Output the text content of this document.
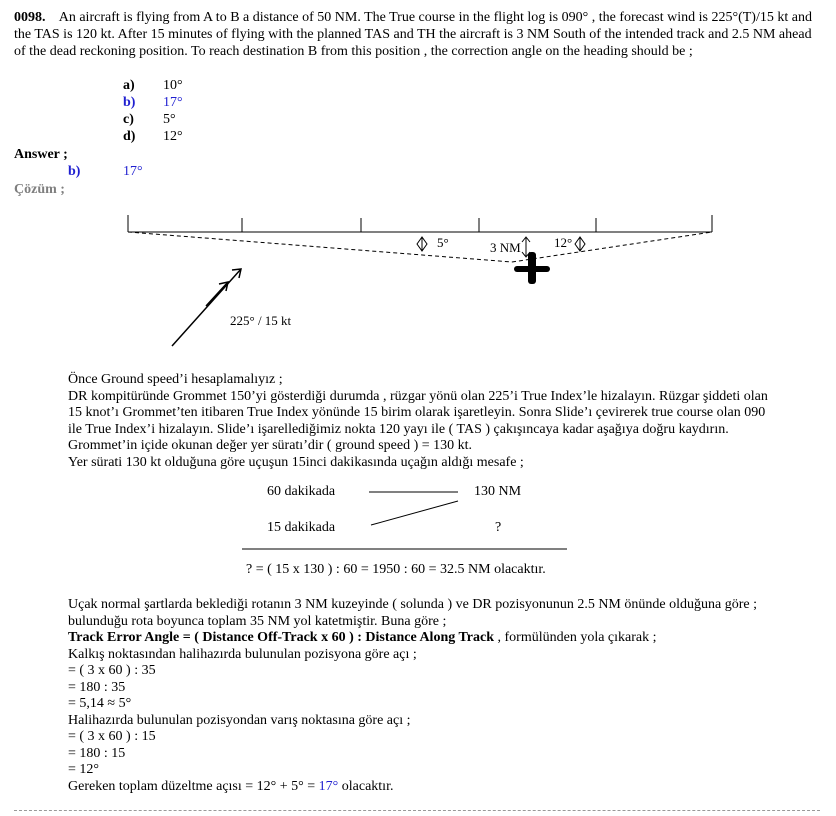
0098. An aircraft is flying from A to B a distance of 50 NM. The True course in the flight log is 090° , the forecast wind is 225°(T)/15 kt and the TAS is 120 kt. After 15 minutes of flying with the planned TAS and TH the aircraft is 3 NM South of the intended track and 2.5 NM ahead of the dead reckoning position. To reach destination B from this position , the correction angle on the heading should be ;
a) 10°
b) 17°
c) 5°
d) 12°
Answer ;
b)	17°
Çözüm ;
5°	3 NM	12°
225° / 15 kt
Önce Ground speed’i hesaplamalıyız ;
DR kompitüründe Grommet 150’yi gösterdiği durumda , rüzgar yönü olan 225’i True Index’le hizalayın. Rüzgar şiddeti olan
15 knot’ı Grommet’ten itibaren True Index yönünde 15 birim olarak işaretleyin. Sonra Slide’ı çevirerek true course olan 090
ile True Index’i hizalayın. Slide’ı işarellediğimiz nokta 120 yayı ile ( TAS ) çakışıncaya kadar aşağıya doğru kaydırın.
Grommet’in içide okunan değer yer süratı’dir ( ground speed ) = 130 kt.
Yer sürati 130 kt olduğuna göre uçuşun 15inci dakikasında uçağın aldığı mesafe ;
60 dakikada	130 NM
15 dakikada	?
? = ( 15 x 130 ) : 60 = 1950 : 60 = 32.5 NM olacaktır.
Uçak normal şartlarda beklediği rotanın 3 NM kuzeyinde ( solunda ) ve DR pozisyonunun 2.5 NM önünde olduğuna göre ;
bulunduğu rota boyunca toplam 35 NM yol katetmiştir. Buna göre ;
Track Error Angle = ( Distance Off-Track x 60 ) : Distance Along Track , formülünden yola çıkarak ;
Kalkış noktasından halihazırda bulunulan pozisyona göre açı ;
= ( 3 x 60 ) : 35
= 180 : 35
= 5,14 ≈ 5°
Halihazırda bulunulan pozisyondan varış noktasına göre açı ;
= ( 3 x 60 ) : 15
= 180 : 15
= 12°
Gereken toplam düzeltme açısı = 12° + 5° = 17° olacaktır.
